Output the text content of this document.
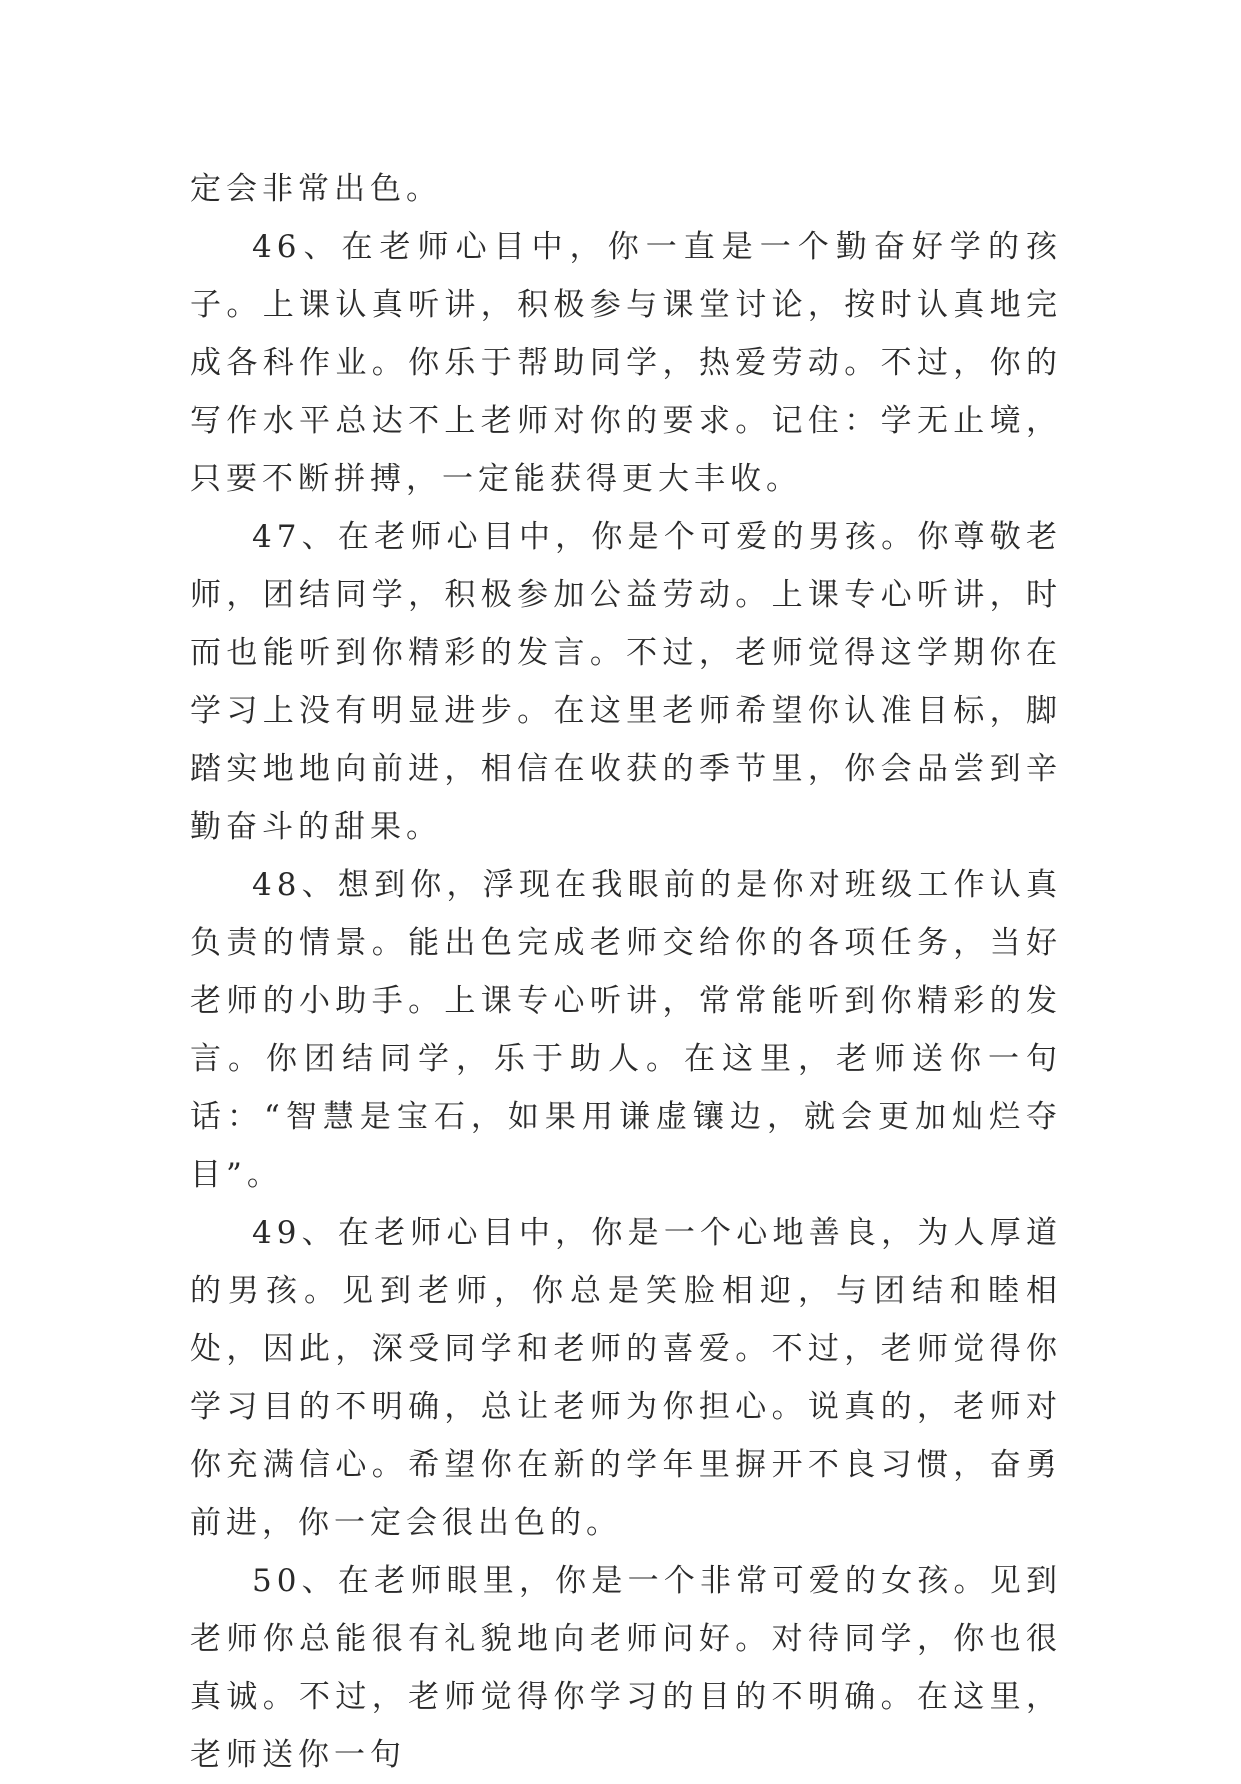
定会非常出色。

46、在老师心目中，你一直是一个勤奋好学的孩子。上课认真听讲，积极参与课堂讨论，按时认真地完成各科作业。你乐于帮助同学，热爱劳动。不过，你的写作水平总达不上老师对你的要求。记住：学无止境，只要不断拼搏，一定能获得更大丰收。

47、在老师心目中，你是个可爱的男孩。你尊敬老师，团结同学，积极参加公益劳动。上课专心听讲，时而也能听到你精彩的发言。不过，老师觉得这学期你在学习上没有明显进步。在这里老师希望你认准目标，脚踏实地地向前进，相信在收获的季节里，你会品尝到辛勤奋斗的甜果。

48、想到你，浮现在我眼前的是你对班级工作认真负责的情景。能出色完成老师交给你的各项任务，当好老师的小助手。上课专心听讲，常常能听到你精彩的发言。你团结同学，乐于助人。在这里，老师送你一句话：“智慧是宝石，如果用谦虚镶边，就会更加灿烂夺目”。

49、在老师心目中，你是一个心地善良，为人厚道的男孩。见到老师，你总是笑脸相迎，与团结和睦相处，因此，深受同学和老师的喜爱。不过，老师觉得你学习目的不明确，总让老师为你担心。说真的，老师对你充满信心。希望你在新的学年里摒开不良习惯，奋勇前进，你一定会很出色的。

50、在老师眼里，你是一个非常可爱的女孩。见到老师你总能很有礼貌地向老师问好。对待同学，你也很真诚。不过，老师觉得你学习的目的不明确。在这里，老师送你一句
